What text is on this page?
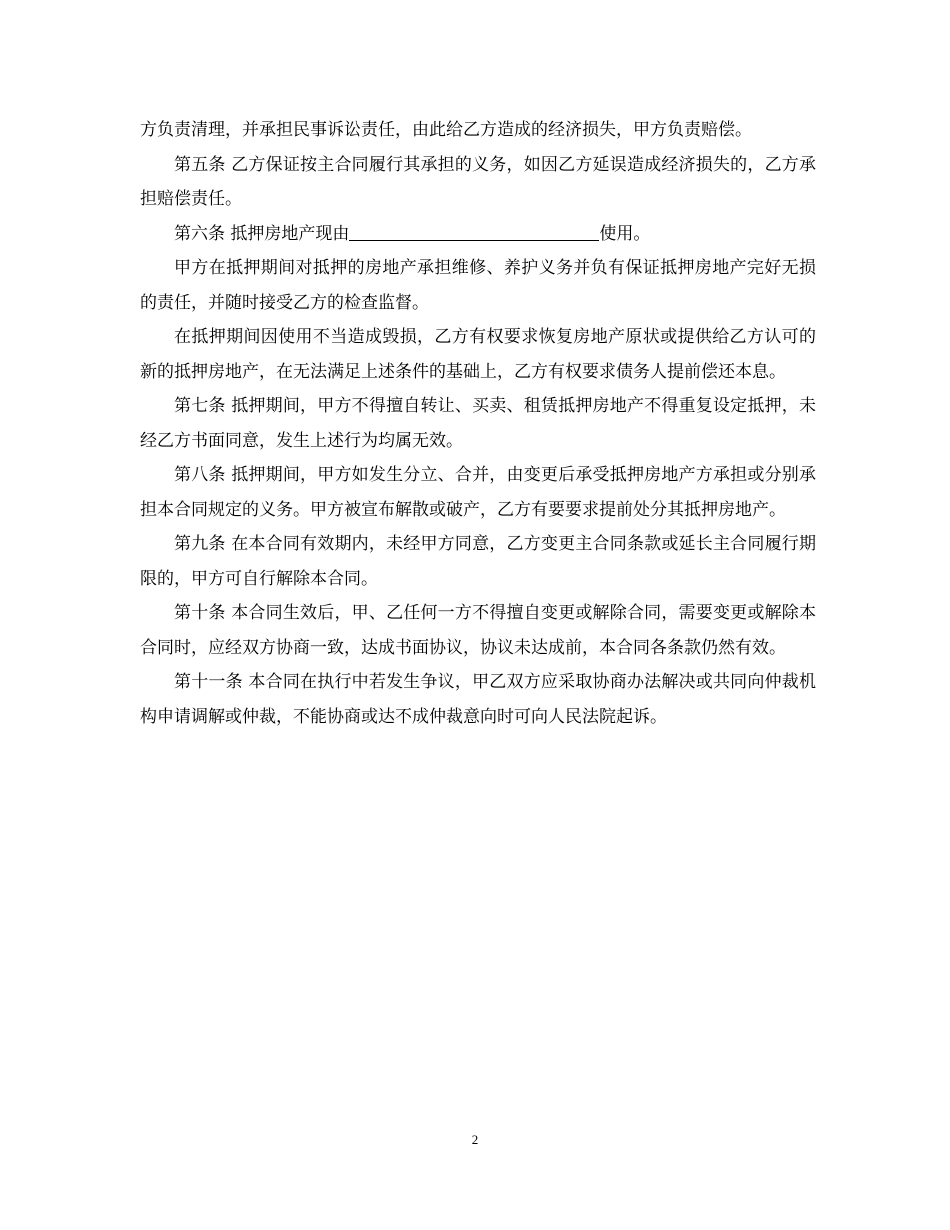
方负责清理，并承担民事诉讼责任，由此给乙方造成的经济损失，甲方负责赔偿。

第五条 乙方保证按主合同履行其承担的义务，如因乙方延误造成经济损失的，乙方承担赔偿责任。

第六条 抵押房地产现由	使用。

甲方在抵押期间对抵押的房地产承担维修、养护义务并负有保证抵押房地产完好无损的责任，并随时接受乙方的检查监督。

在抵押期间因使用不当造成毁损，乙方有权要求恢复房地产原状或提供给乙方认可的新的抵押房地产，在无法满足上述条件的基础上，乙方有权要求债务人提前偿还本息。

第七条 抵押期间，甲方不得擅自转让、买卖、租赁抵押房地产不得重复设定抵押，未经乙方书面同意，发生上述行为均属无效。

第八条 抵押期间，甲方如发生分立、合并，由变更后承受抵押房地产方承担或分别承担本合同规定的义务。甲方被宣布解散或破产，乙方有要要求提前处分其抵押房地产。

第九条 在本合同有效期内，未经甲方同意，乙方变更主合同条款或延长主合同履行期限的，甲方可自行解除本合同。

第十条 本合同生效后，甲、乙任何一方不得擅自变更或解除合同，需要变更或解除本合同时，应经双方协商一致，达成书面协议，协议未达成前，本合同各条款仍然有效。

第十一条 本合同在执行中若发生争议，甲乙双方应采取协商办法解决或共同向仲裁机构申请调解或仲裁，不能协商或达不成仲裁意向时可向人民法院起诉。

2
